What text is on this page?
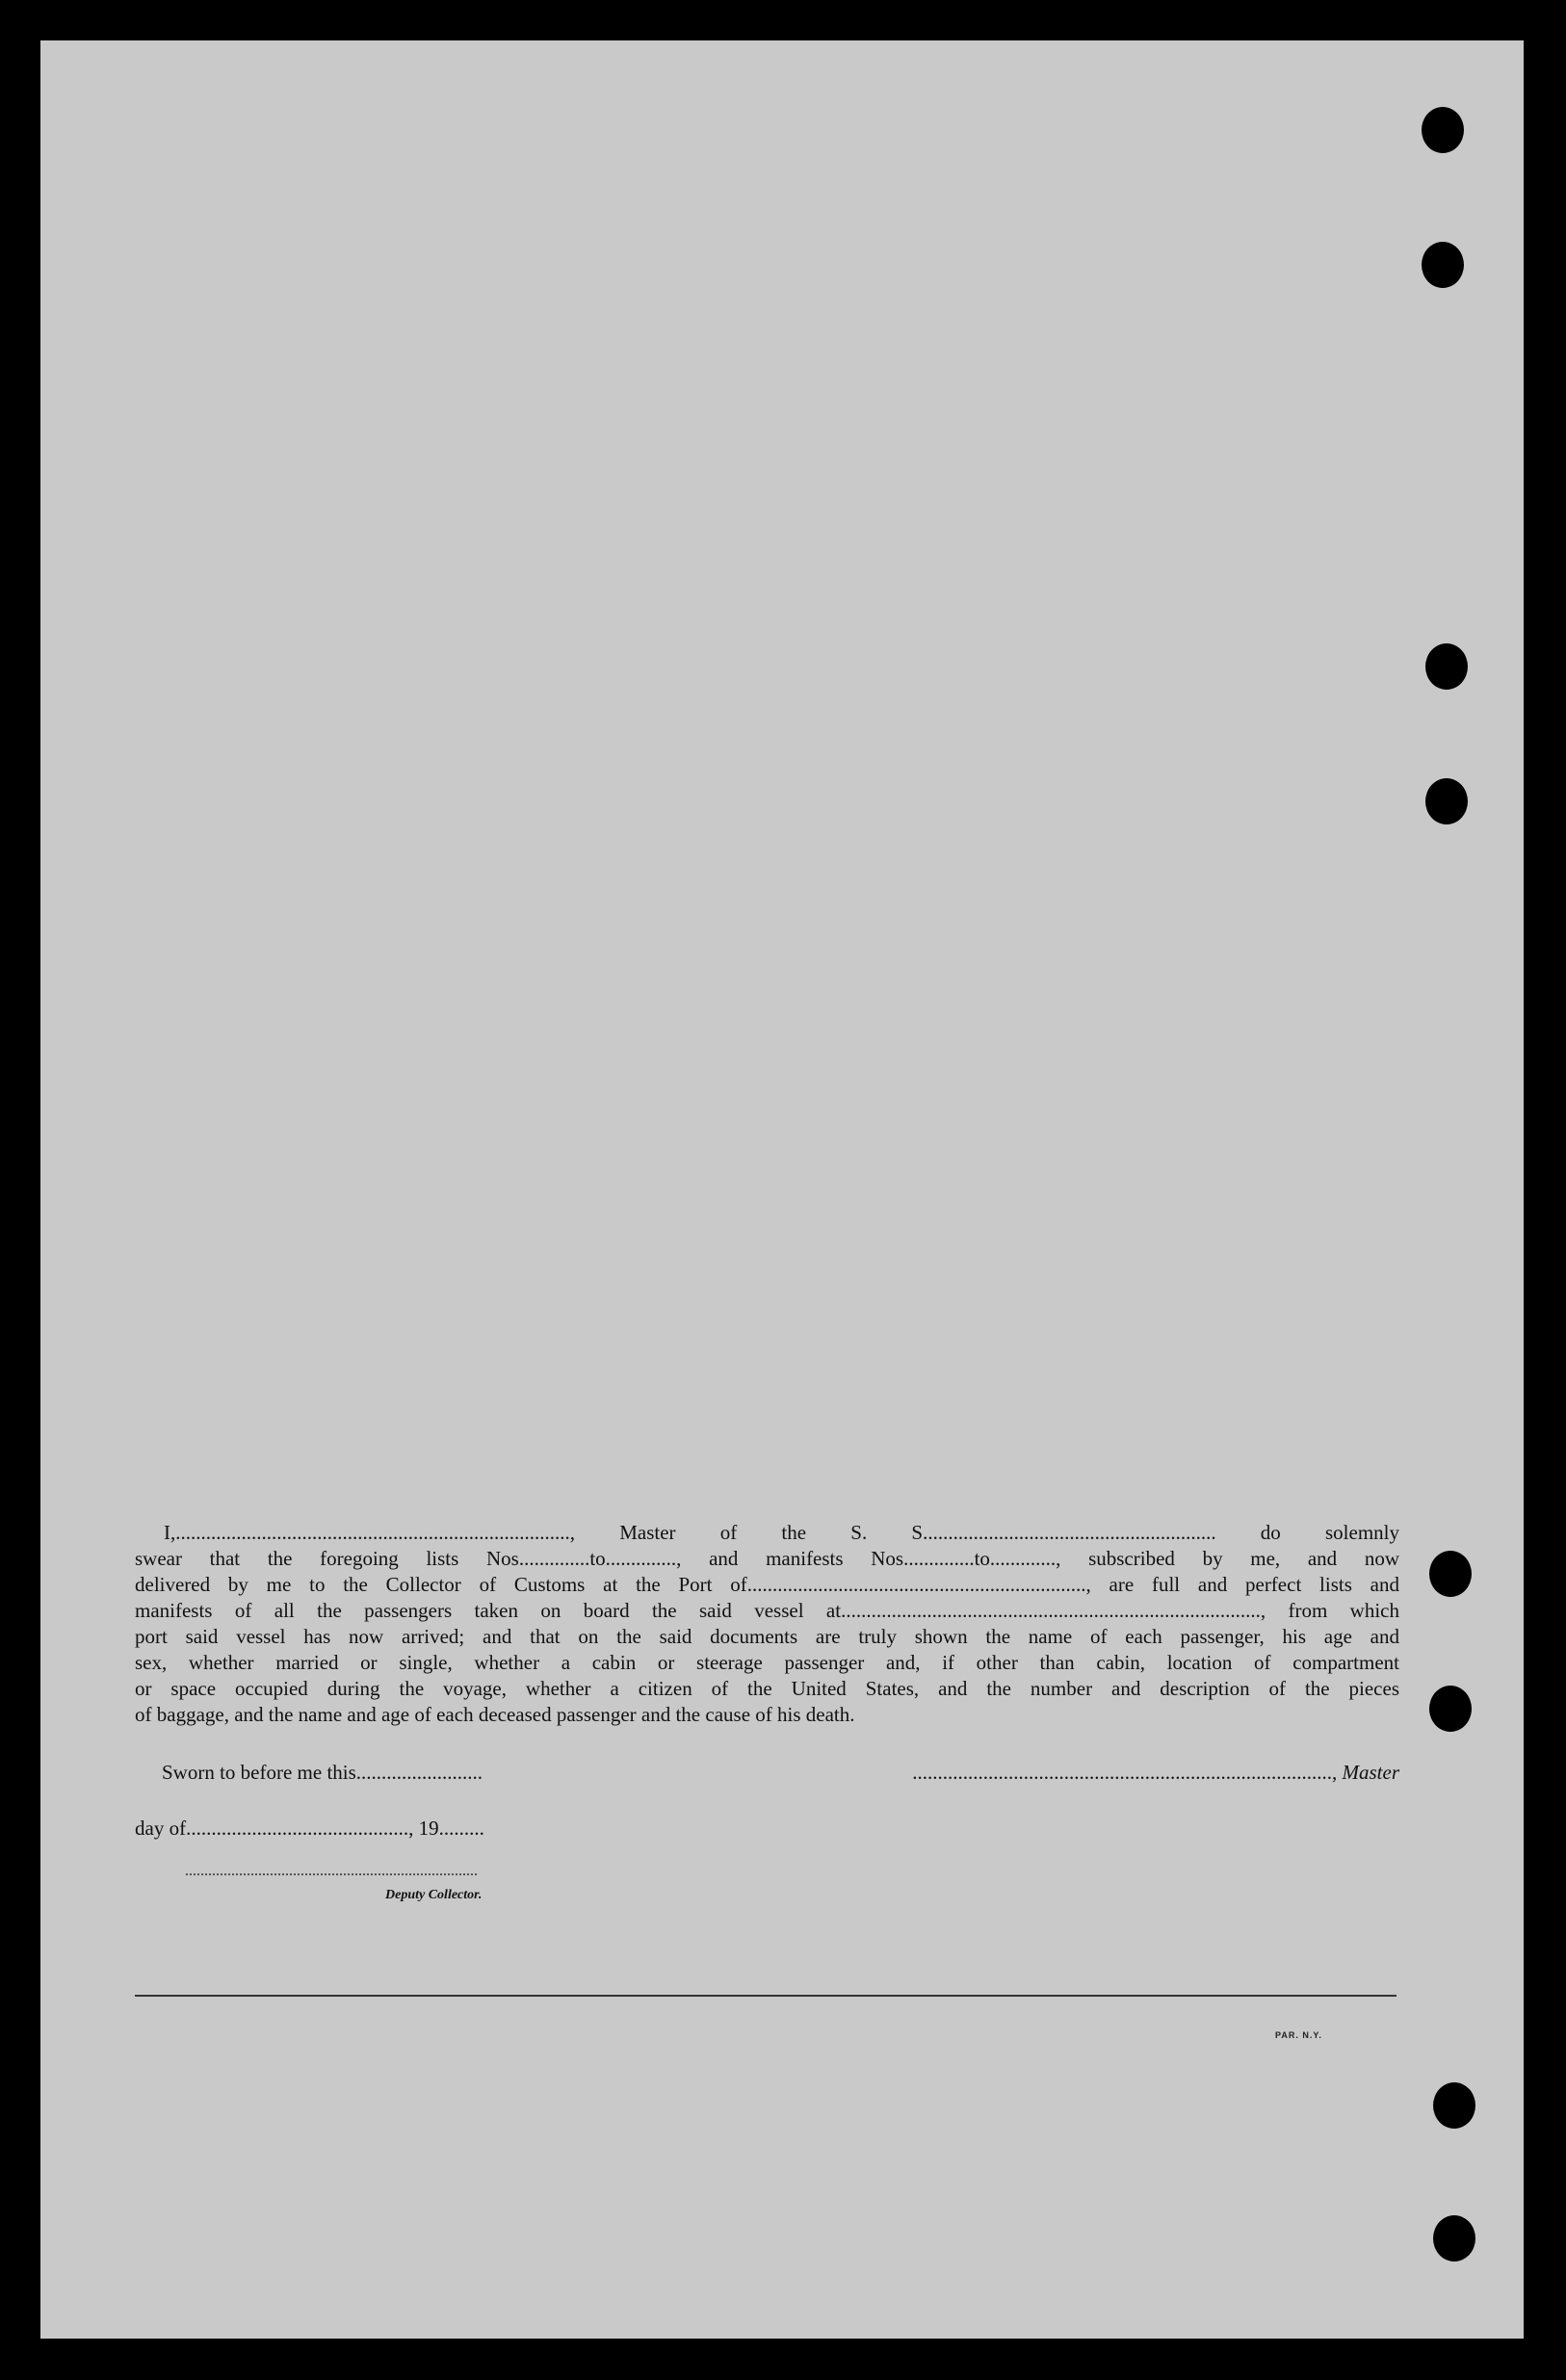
I,.............................................................................., Master of the S. S.......................................................... do solemnly
swear that the foregoing lists Nos..............to.............., and manifests Nos..............to............., subscribed by me, and now
delivered by me to the Collector of Customs at the Port of..................................................................., are full and perfect lists and
manifests of all the passengers taken on board the said vessel at..................................................................................., from which
port said vessel has now arrived; and that on the said documents are truly shown the name of each passenger, his age and
sex, whether married or single, whether a cabin or steerage passenger and, if other than cabin, location of compartment
or space occupied during the voyage, whether a citizen of the United States, and the number and description of the pieces
of baggage, and the name and age of each deceased passenger and the cause of his death.
Sworn to before me this.........................	..................................................................................., Master
day of............................................, 19.........
............................................................................
Deputy Collector.
PAR. N.Y.
